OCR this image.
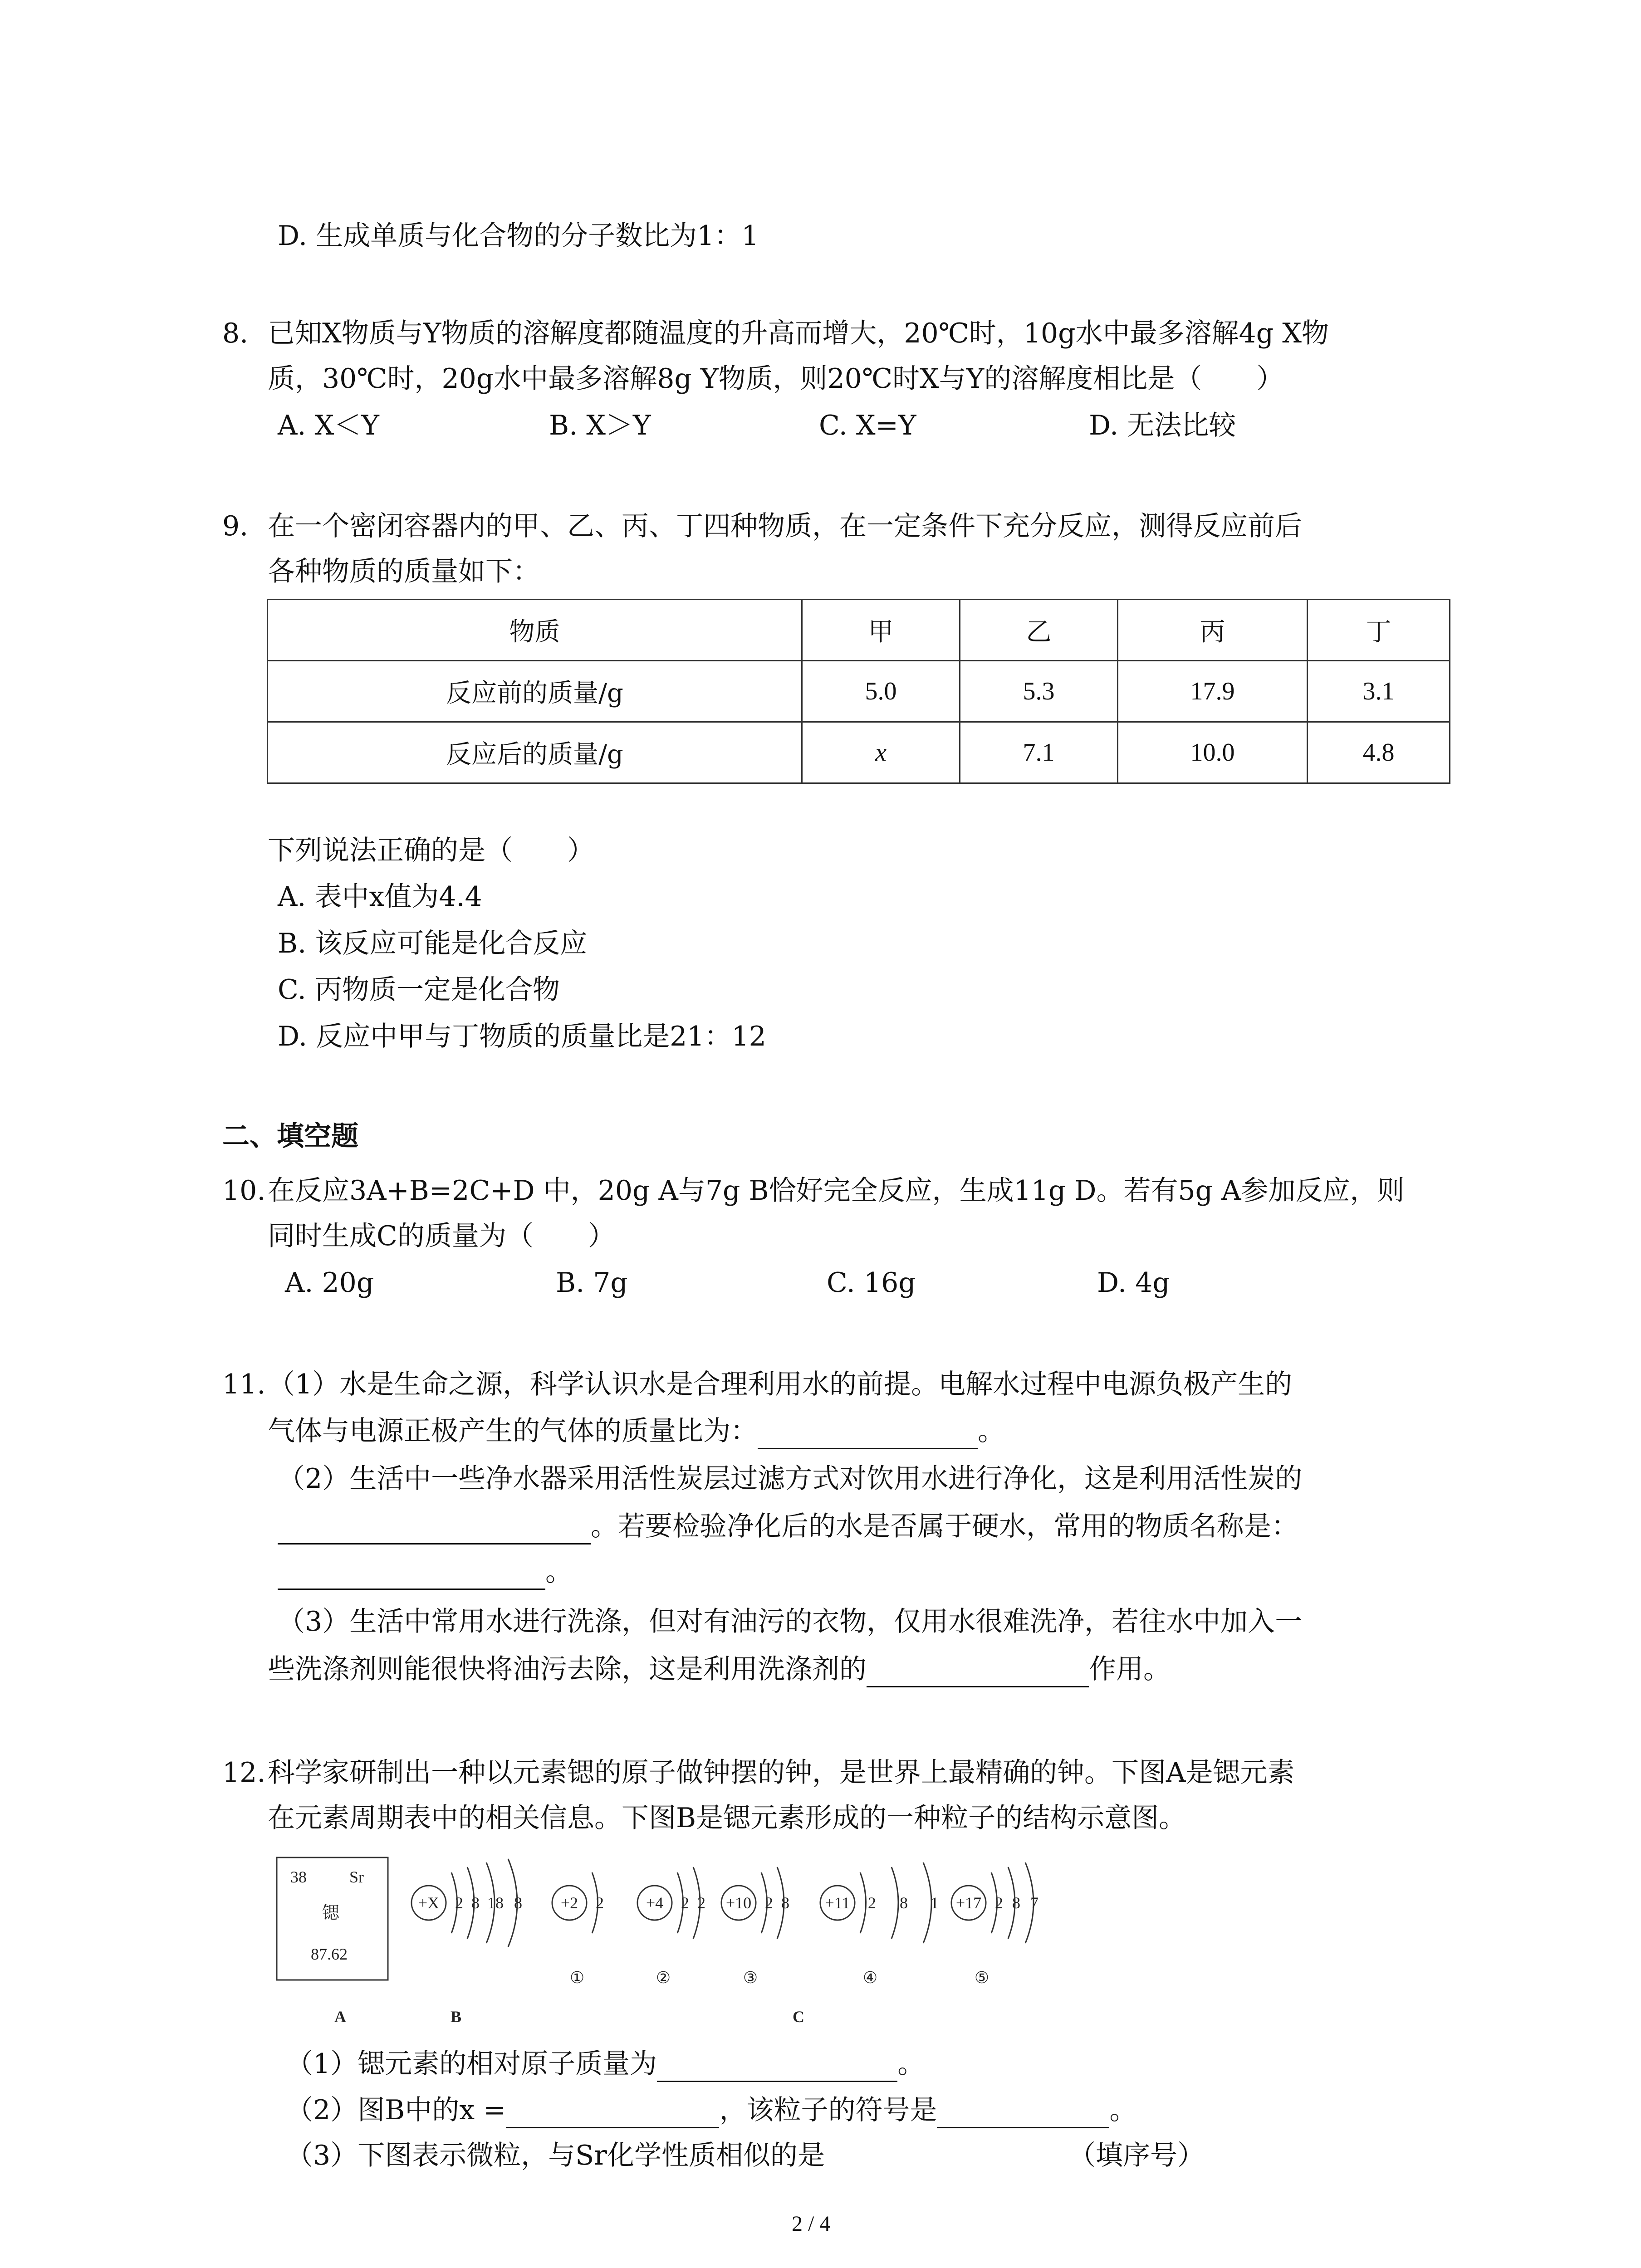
D. 生成单质与化合物的分子数比为1：1
8. 已知X物质与Y物质的溶解度都随温度的升高而增大，20℃时，10g水中最多溶解4g X物
质，30℃时，20g水中最多溶解8g Y物质，则20℃时X与Y的溶解度相比是（　　）
A. X＜Y	B. X＞Y	C. X=Y	D. 无法比较
9. 在一个密闭容器内的甲、乙、丙、丁四种物质，在一定条件下充分反应，测得反应前后
各种物质的质量如下：
物质	甲	乙	丙	丁
反应前的质量/g	5.0	5.3	17.9	3.1
反应后的质量/g	x	7.1	10.0	4.8
下列说法正确的是（　　）
A. 表中x值为4.4
B. 该反应可能是化合反应
C. 丙物质一定是化合物
D. 反应中甲与丁物质的质量比是21：12
二、填空题
10. 在反应3A+B=2C+D 中，20g A与7g B恰好完全反应，生成11g D。若有5g A参加反应，则
同时生成C的质量为（　　）
A. 20g	B. 7g	C. 16g	D. 4g
11. （1）水是生命之源，科学认识水是合理利用水的前提。电解水过程中电源负极产生的
气体与电源正极产生的气体的质量比为：	。
（2）生活中一些净水器采用活性炭层过滤方式对饮用水进行净化，这是利用活性炭的
。若要检验净化后的水是否属于硬水，常用的物质名称是：
。
（3）生活中常用水进行洗涤，但对有油污的衣物，仅用水很难洗净，若往水中加入一
些洗涤剂则能很快将油污去除，这是利用洗涤剂的	作用。
12. 科学家研制出一种以元素锶的原子做钟摆的钟，是世界上最精确的钟。下图A是锶元素
在元素周期表中的相关信息。下图B是锶元素形成的一种粒子的结构示意图。
38	Sr
锶
87.62
+X 2 8 18 8 +2 2	+4 2 2 +10 2 8 +11 2 8 1 +17 2 8 7
①	②	③	④	⑤
A	B	C
（1）锶元素的相对原子质量为	。
（2）图B中的x =	，该粒子的符号是	。
（3）下图表示微粒，与Sr化学性质相似的是	（填序号）
2 / 4
